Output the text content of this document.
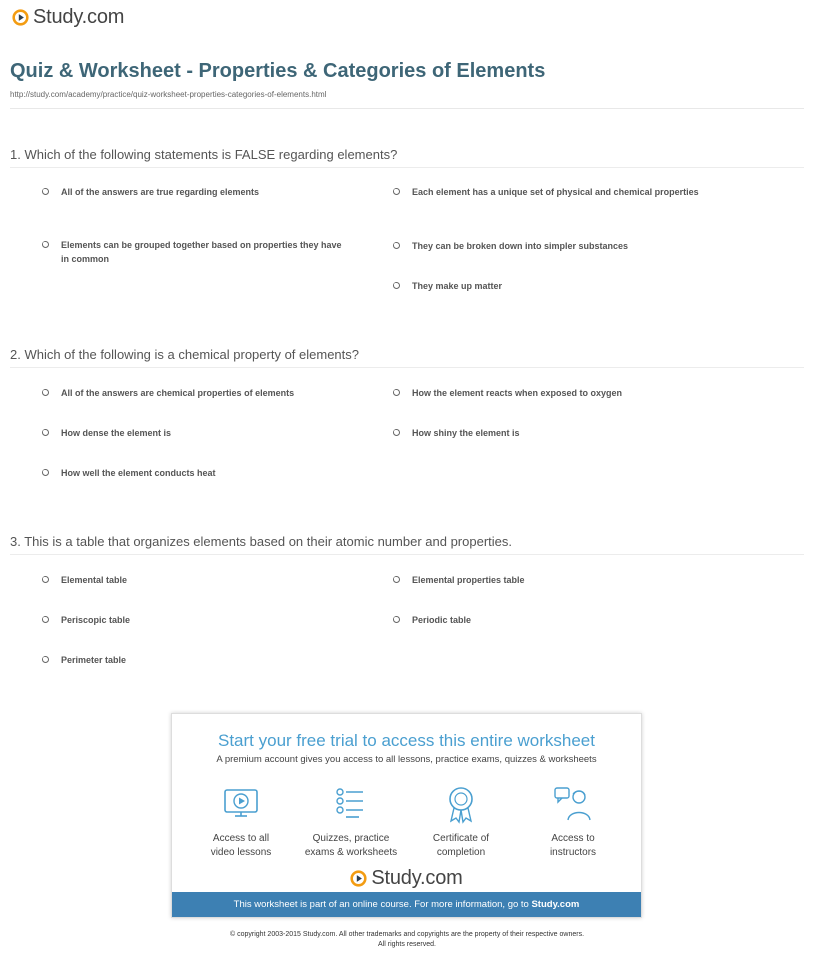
Study.com
Quiz & Worksheet - Properties & Categories of Elements
http://study.com/academy/practice/quiz-worksheet-properties-categories-of-elements.html
1. Which of the following statements is FALSE regarding elements?
All of the answers are true regarding elements	Each element has a unique set of physical and chemical properties
Elements can be grouped together based on properties they have in common
They can be broken down into simpler substances
They make up matter
2. Which of the following is a chemical property of elements?
All of the answers are chemical properties of elements	How the element reacts when exposed to oxygen
How dense the element is	How shiny the element is
How well the element conducts heat
3. This is a table that organizes elements based on their atomic number and properties.
Elemental table	Elemental properties table
Periscopic table	Periodic table
Perimeter table
Start your free trial to access this entire worksheet
A premium account gives you access to all lessons, practice exams, quizzes & worksheets
Access to all
video lessons
Quizzes, practice
exams & worksheets
Certificate of
completion
Access to
instructors
Study.com
This worksheet is part of an online course. For more information, go to Study.com
© copyright 2003-2015 Study.com. All other trademarks and copyrights are the property of their respective owners.
All rights reserved.
